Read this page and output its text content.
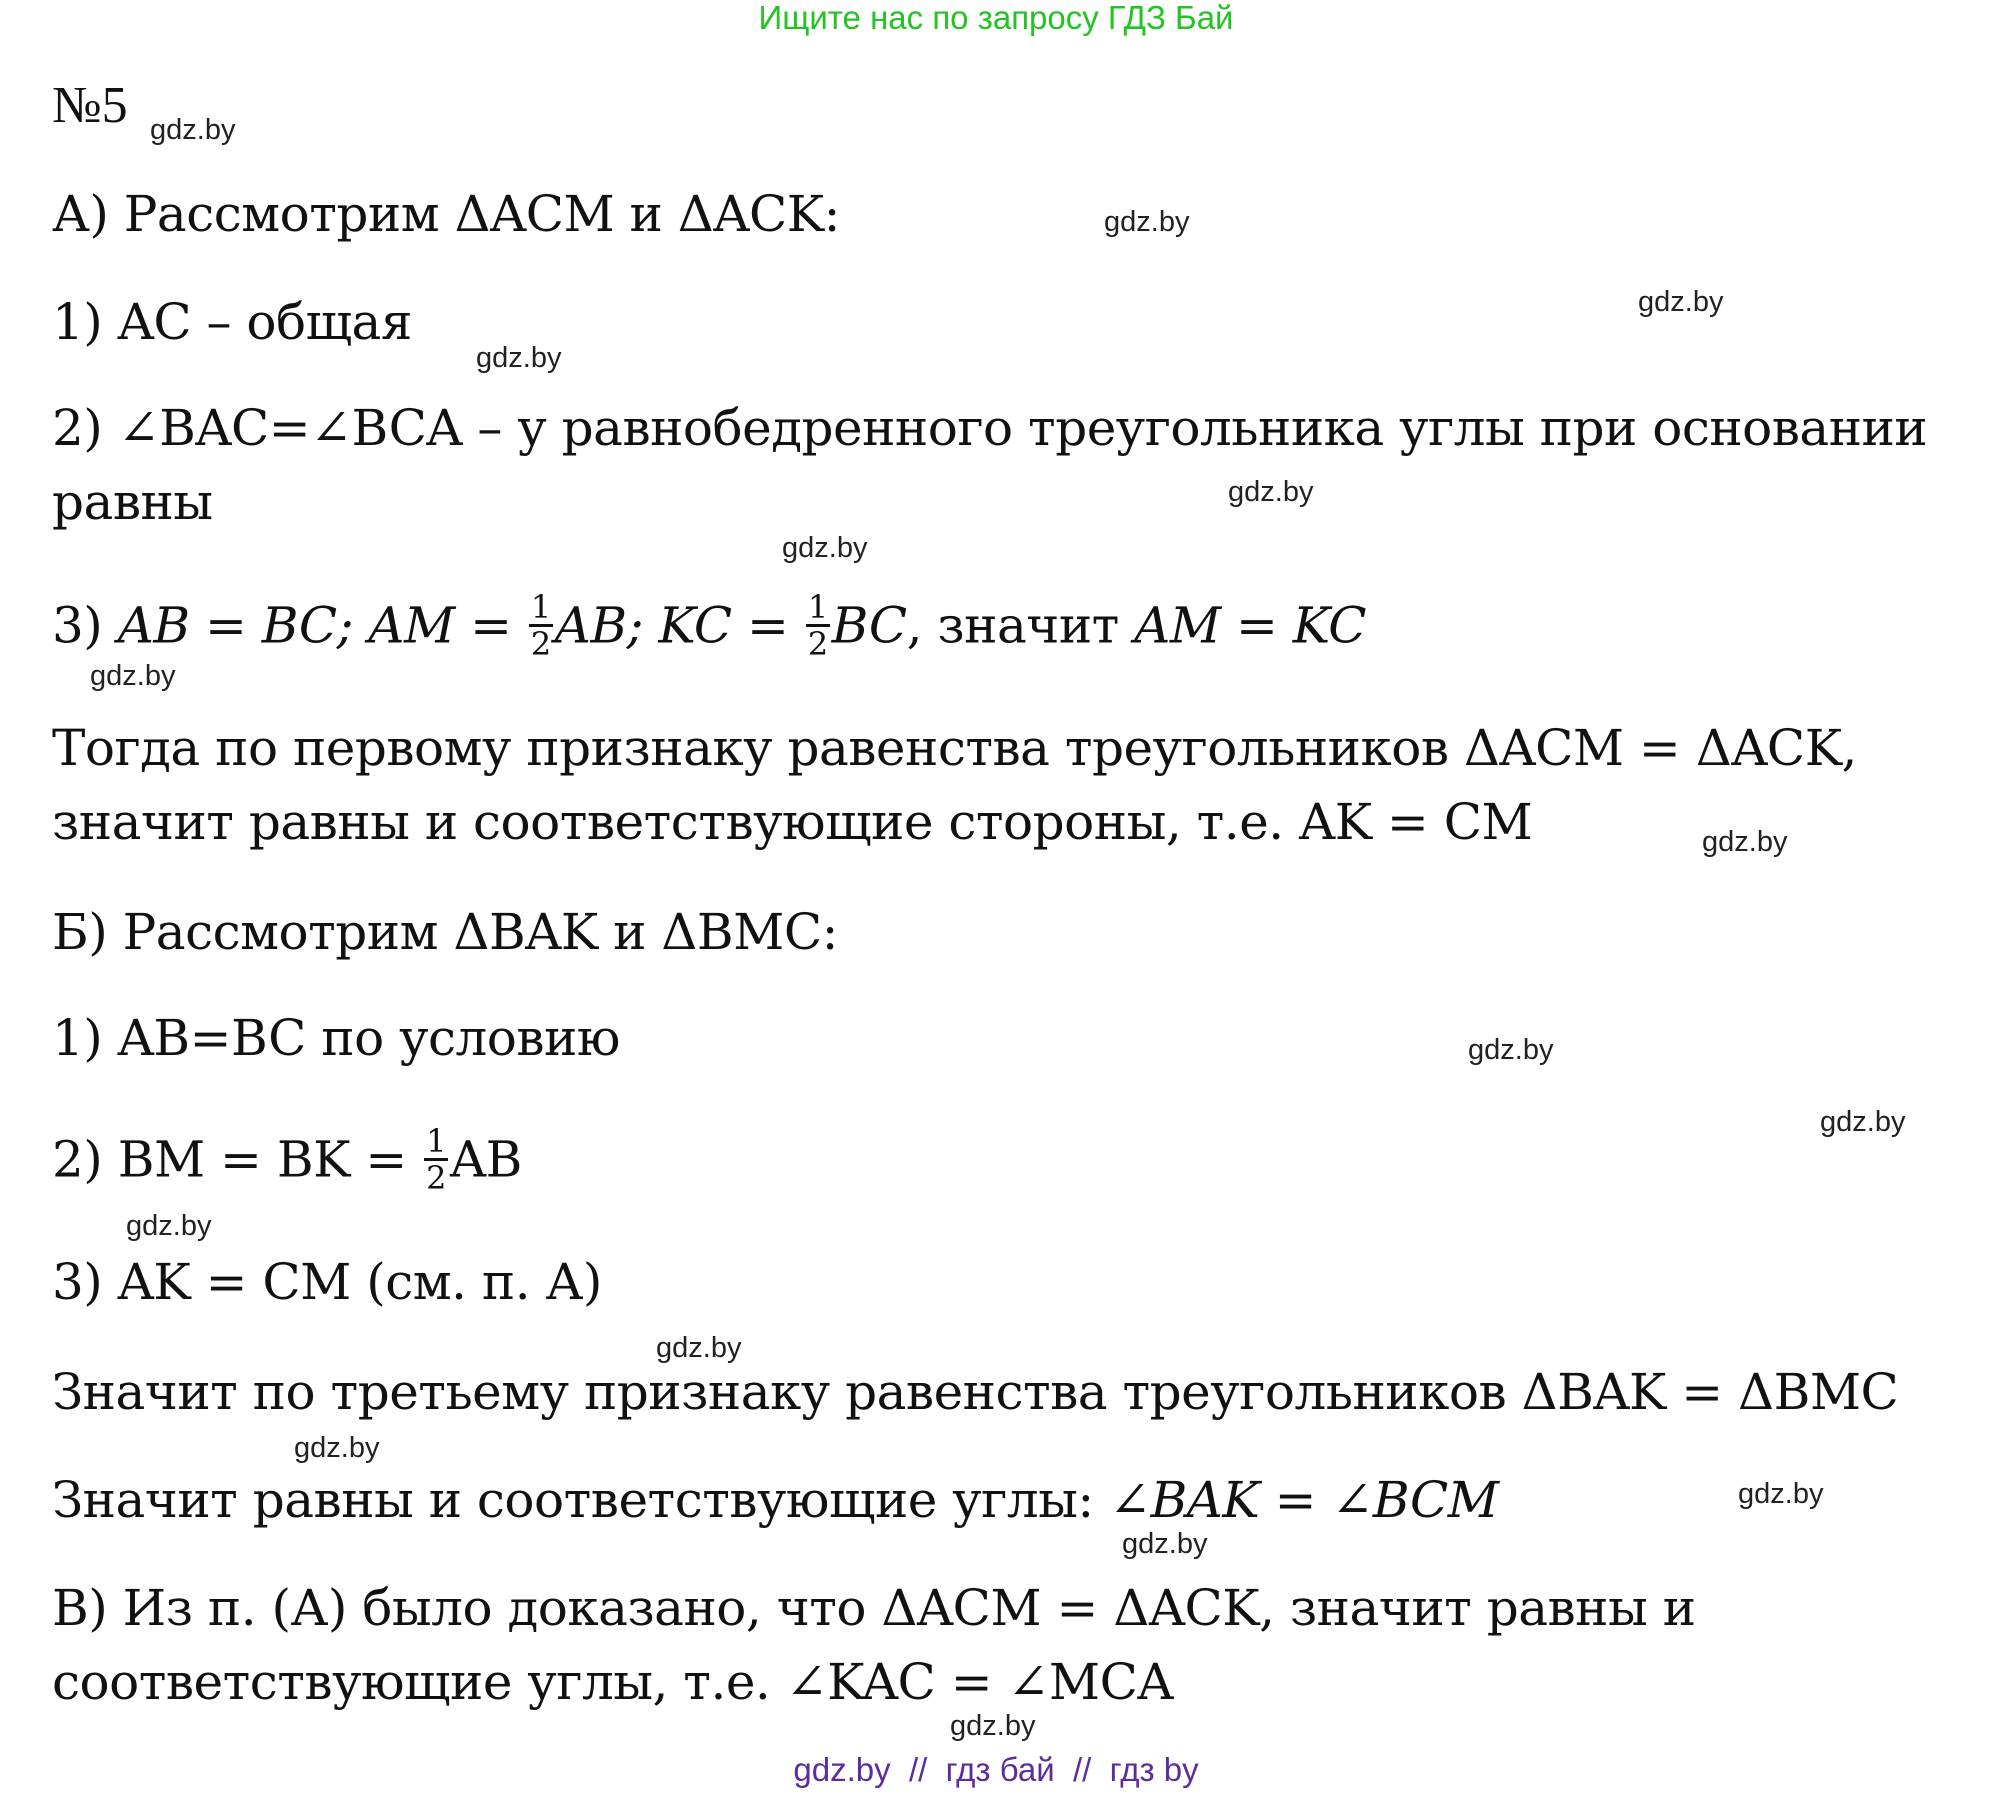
Ищите нас по запросу ГДЗ Бай
№5
А) Рассмотрим ΔACM и ΔACK:
1) AC – общая
2) ∠BAC=∠BCA – у равнобедренного треугольника углы при основании
равны
3) AB = BC; AM = $\frac{1}{2}$ AB; KC = $\frac{1}{2}$ BC, значит AM = KC
Тогда по первому признаку равенства треугольников ΔACM = ΔACK,
значит равны и соответствующие стороны, т.е. AK = CM
Б) Рассмотрим ΔBAK и ΔBMC:
1) AB=BC по условию
2) BM = BK = $\frac{1}{2}$ AB
3) AK = CM (см. п. А)
Значит по третьему признаку равенства треугольников ΔBAK = ΔBMC
Значит равны и соответствующие углы: ∠BAK = ∠BCM
В) Из п. (А) было доказано, что ΔACM = ΔACK, значит равны и
соответствующие углы, т.е. ∠KAC = ∠MCA
gdz.by
gdz.by
gdz.by
gdz.by
gdz.by
gdz.by
gdz.by
gdz.by
gdz.by
gdz.by
gdz.by
gdz.by
gdz.by
gdz.by
gdz.by
gdz.by
gdz.by  //  гдз бай  //  гдз by
